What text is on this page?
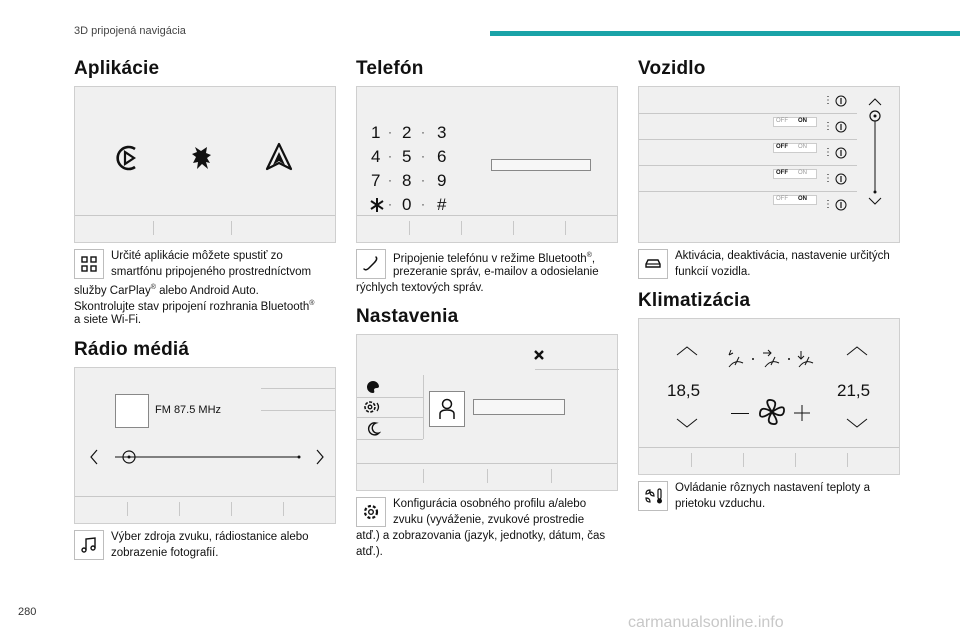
3D pripojená navigácia
Aplikácie
Určité aplikácie môžete spustiť zo
smartfónu pripojeného prostredníctvom
služby CarPlay® alebo Android Auto.
Skontrolujte stav pripojení rozhrania Bluetooth®
a siete Wi-Fi.
Rádio médiá
FM 87.5 MHz
Výber zdroja zvuku, rádiostanice alebo
zobrazenie fotografií.
Telefón
1 · 2 · 3
4 · 5 · 6
7 · 8 · 9
· 0 · #
Pripojenie telefónu v režime Bluetooth®,
prezeranie správ, e-mailov a odosielanie
rýchlych textových správ.
Nastavenia
Konfigurácia osobného profilu a/alebo
zvuku (vyváženie, zvukové prostredie
atď.) a zobrazovania (jazyk, jednotky, dátum, čas
atď.).
Vozidlo
⋮
OFF ON ⋮
OFF ON ⋮
OFF ON ⋮
OFF ON ⋮
Aktivácia, deaktivácia, nastavenie určitých
funkcií vozidla.
Klimatizácia
18,5	21,5
Ovládanie rôznych nastavení teploty a
prietoku vzduchu.
280
carmanualsonline.info
